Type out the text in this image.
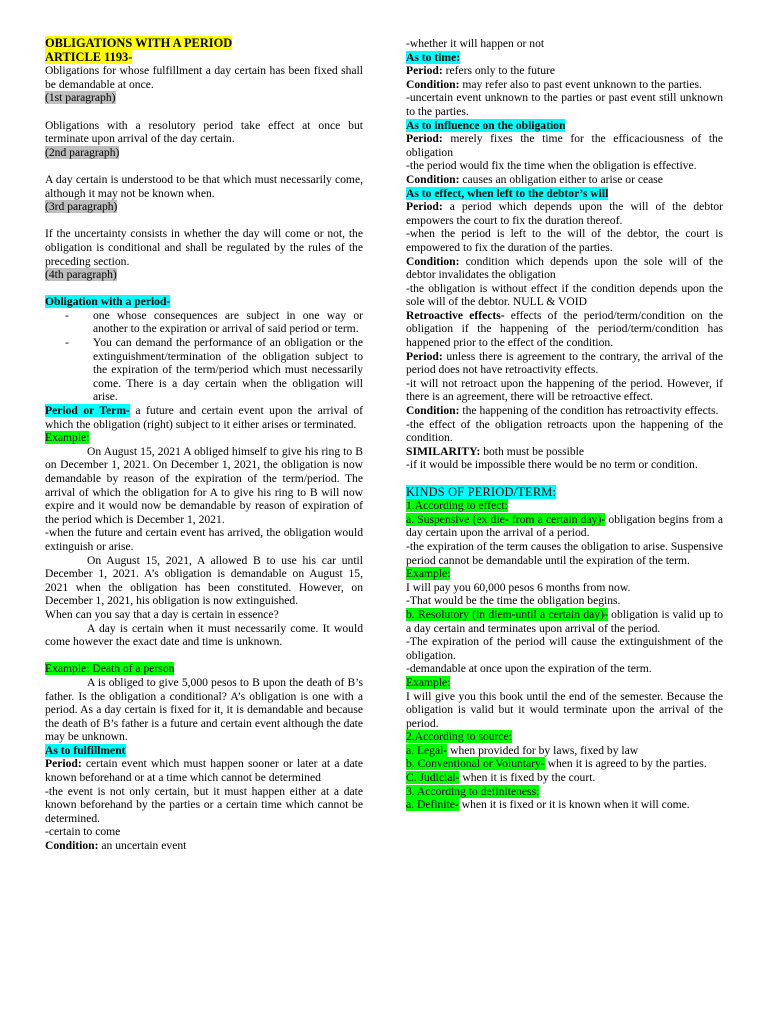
OBLIGATIONS WITH A PERIOD

ARTICLE 1193-

Obligations for whose fulfillment a day certain has been fixed shall be demandable at once.

(1st paragraph)

Obligations with a resolutory period take effect at once but terminate upon arrival of the day certain.

(2nd paragraph)

A day certain is understood to be that which must necessarily come, although it may not be known when.

(3rd paragraph)

If the uncertainty consists in whether the day will come or not, the obligation is conditional and shall be regulated by the rules of the preceding section.

(4th paragraph)

Obligation with a period-

-	one whose consequences are subject in one way or another to the expiration or arrival of said period or term.
-	You can demand the performance of an obligation or the extinguishment/termination of the obligation subject to the expiration of the term/period which must necessarily come. There is a day certain when the obligation will arise.

Period or Term- a future and certain event upon the arrival of which the obligation (right) subject to it either arises or terminated.

Example:

On August 15, 2021 A obliged himself to give his ring to B on December 1, 2021. On December 1, 2021, the obligation is now demandable by reason of the expiration of the term/period. The arrival of which the obligation for A to give his ring to B will now expire and it would now be demandable by reason of expiration of the period which is December 1, 2021.

-when the future and certain event has arrived, the obligation would extinguish or arise.

On August 15, 2021, A allowed B to use his car until December 1, 2021. A’s obligation is demandable on August 15, 2021 when the obligation has been constituted. However, on December 1, 2021, his obligation is now extinguished.

When can you say that a day is certain in essence?

A day is certain when it must necessarily come. It would come however the exact date and time is unknown.

Example: Death of a person

A is obliged to give 5,000 pesos to B upon the death of B’s father. Is the obligation a conditional? A’s obligation is one with a period. As a day certain is fixed for it, it is demandable and because the death of B’s father is a future and certain event although the date may be unknown.

As to fulfillment

Period: certain event which must happen sooner or later at a date known beforehand or at a time which cannot be determined

-the event is not only certain, but it must happen either at a date known beforehand by the parties or a certain time which cannot be determined.

-certain to come

Condition: an uncertain event

-whether it will happen or not

As to time:

Period: refers only to the future

Condition: may refer also to past event unknown to the parties.

-uncertain event unknown to the parties or past event still unknown to the parties.

As to influence on the obligation

Period: merely fixes the time for the efficaciousness of the obligation

-the period would fix the time when the obligation is effective.

Condition: causes an obligation either to arise or cease

As to effect, when left to the debtor’s will

Period: a period which depends upon the will of the debtor empowers the court to fix the duration thereof.

-when the period is left to the will of the debtor, the court is empowered to fix the duration of the parties.

Condition: condition which depends upon the sole will of the debtor invalidates the obligation

-the obligation is without effect if the condition depends upon the sole will of the debtor. NULL & VOID

Retroactive effects- effects of the period/term/condition on the obligation if the happening of the period/term/condition has happened prior to the effect of the condition.

Period: unless there is agreement to the contrary, the arrival of the period does not have retroactivity effects.

-it will not retroact upon the happening of the period. However, if there is an agreement, there will be retroactive effect.

Condition: the happening of the condition has retroactivity effects.

-the effect of the obligation retroacts upon the happening of the condition.

SIMILARITY: both must be possible

-if it would be impossible there would be no term or condition.

KINDS OF PERIOD/TERM:

1.According to effect:

a. Suspensive (ex die- from a certain day)- obligation begins from a day certain upon the arrival of a period.

-the expiration of the term causes the obligation to arise. Suspensive period cannot be demandable until the expiration of the term.

Example:

I will pay you 60,000 pesos 6 months from now.

-That would be the time the obligation begins.

b. Resolutory (in diem-until a certain day)- obligation is valid up to a day certain and terminates upon arrival of the period.

-The expiration of the period will cause the extinguishment of the obligation.

-demandable at once upon the expiration of the term.

Example:

I will give you this book until the end of the semester. Because the obligation is valid but it would terminate upon the arrival of the period.

2.According to source:

a. Legal- when provided for by laws, fixed by law

b. Conventional or Voluntary- when it is agreed to by the parties.

C. Judicial- when it is fixed by the court.

3. According to definiteness:

a. Definite- when it is fixed or it is known when it will come.
